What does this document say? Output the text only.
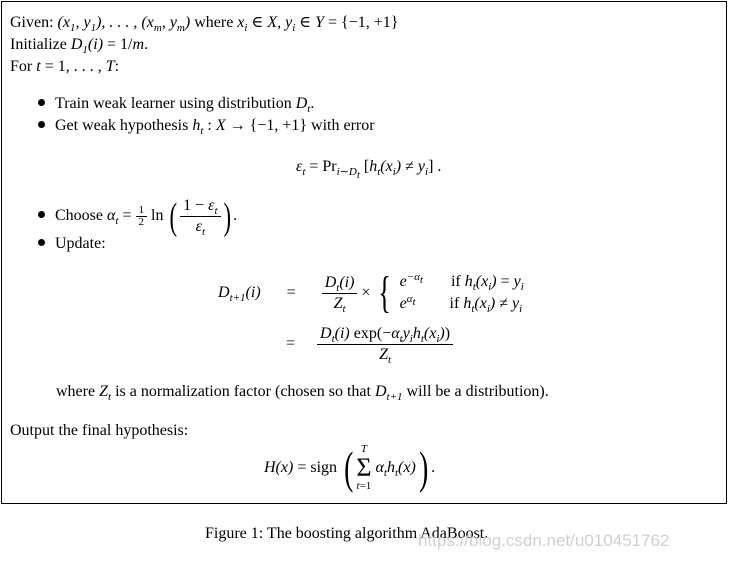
Given: ($x_1$, $y_1$), . . . , ($x_m$, $y_m$) where $x_i$ ∈ X, $y_i$ ∈ Y = {−1, +1}
Initialize $D_1(i) = 1/m$.
For t = 1, . . . , T:
Train weak learner using distribution $D_t$.
Get weak hypothesis $h_t$ : X → {−1, +1} with error
$\varepsilon_t = Pr_{i\sim D_t}$ $[h_t(x_i) \ne y_i]$ .
Choose $\alpha_t = \frac{1}{2}$ ln ( $\frac{1 - \varepsilon_t}{\varepsilon_t}$ ) .
Update:
$D_{t+1}(i) = \frac{D_t(i)}{Z_t}$ × { $e^{-\alpha_t}$ if $h_t(x_i) = y_i$
$e^{\alpha_t}$ if $h_t(x_i) \ne y_i$
= $\frac{D_t(i) \exp(-\alpha_ty_ih_t(x_i))}{Z_t}$
where $Z_t$ is a normalization factor (chosen so that $D_{t+1}$ will be a distribution).
Output the final hypothesis:
H(x) = sign ( T
Σ
t=1
$\alpha_th_t(x)$) .
Figure 1: The boosting algorithm AdaBoost.
https://blog.csdn.net/u010451762
